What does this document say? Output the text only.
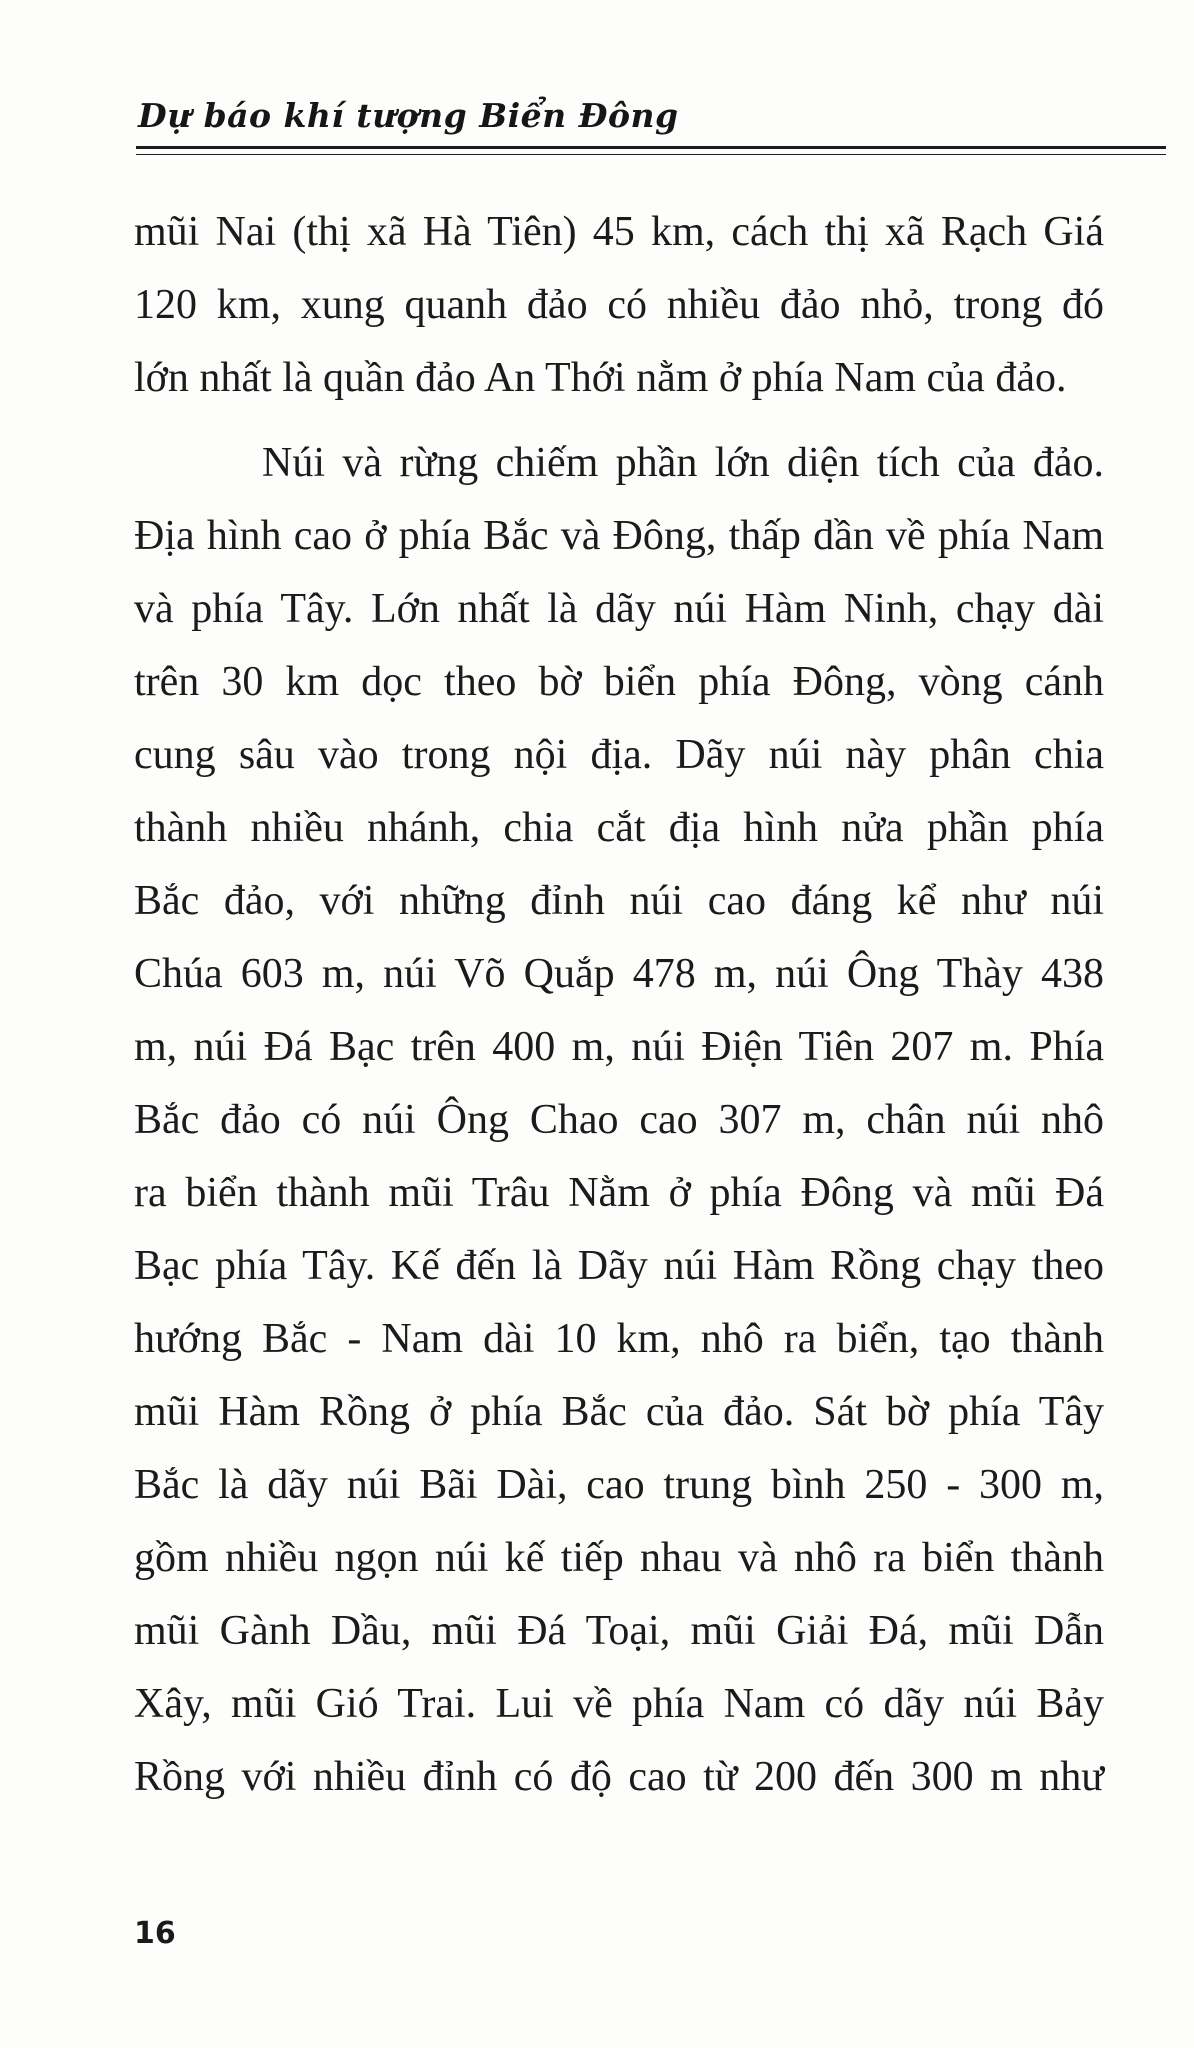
Dự báo khí tượng Biển Đông
mũi Nai (thị xã Hà Tiên) 45 km, cách thị xã Rạch Giá
120 km, xung quanh đảo có nhiều đảo nhỏ, trong đó
lớn nhất là quần đảo An Thới nằm ở phía Nam của đảo.
Núi và rừng chiếm phần lớn diện tích của đảo.
Địa hình cao ở phía Bắc và Đông, thấp dần về phía Nam
và phía Tây. Lớn nhất là dãy núi Hàm Ninh, chạy dài
trên 30 km dọc theo bờ biển phía Đông, vòng cánh
cung sâu vào trong nội địa. Dãy núi này phân chia
thành nhiều nhánh, chia cắt địa hình nửa phần phía
Bắc đảo, với những đỉnh núi cao đáng kể như núi
Chúa 603 m, núi Võ Quắp 478 m, núi Ông Thày 438
m, núi Đá Bạc trên 400 m, núi Điện Tiên 207 m. Phía
Bắc đảo có núi Ông Chao cao 307 m, chân núi nhô
ra biển thành mũi Trâu Nằm ở phía Đông và mũi Đá
Bạc phía Tây. Kế đến là Dãy núi Hàm Rồng chạy theo
hướng Bắc - Nam dài 10 km, nhô ra biển, tạo thành
mũi Hàm Rồng ở phía Bắc của đảo. Sát bờ phía Tây
Bắc là dãy núi Bãi Dài, cao trung bình 250 - 300 m,
gồm nhiều ngọn núi kế tiếp nhau và nhô ra biển thành
mũi Gành Dầu, mũi Đá Toại, mũi Giải Đá, mũi Dẫn
Xây, mũi Gió Trai. Lui về phía Nam có dãy núi Bảy
Rồng với nhiều đỉnh có độ cao từ 200 đến 300 m như
16
